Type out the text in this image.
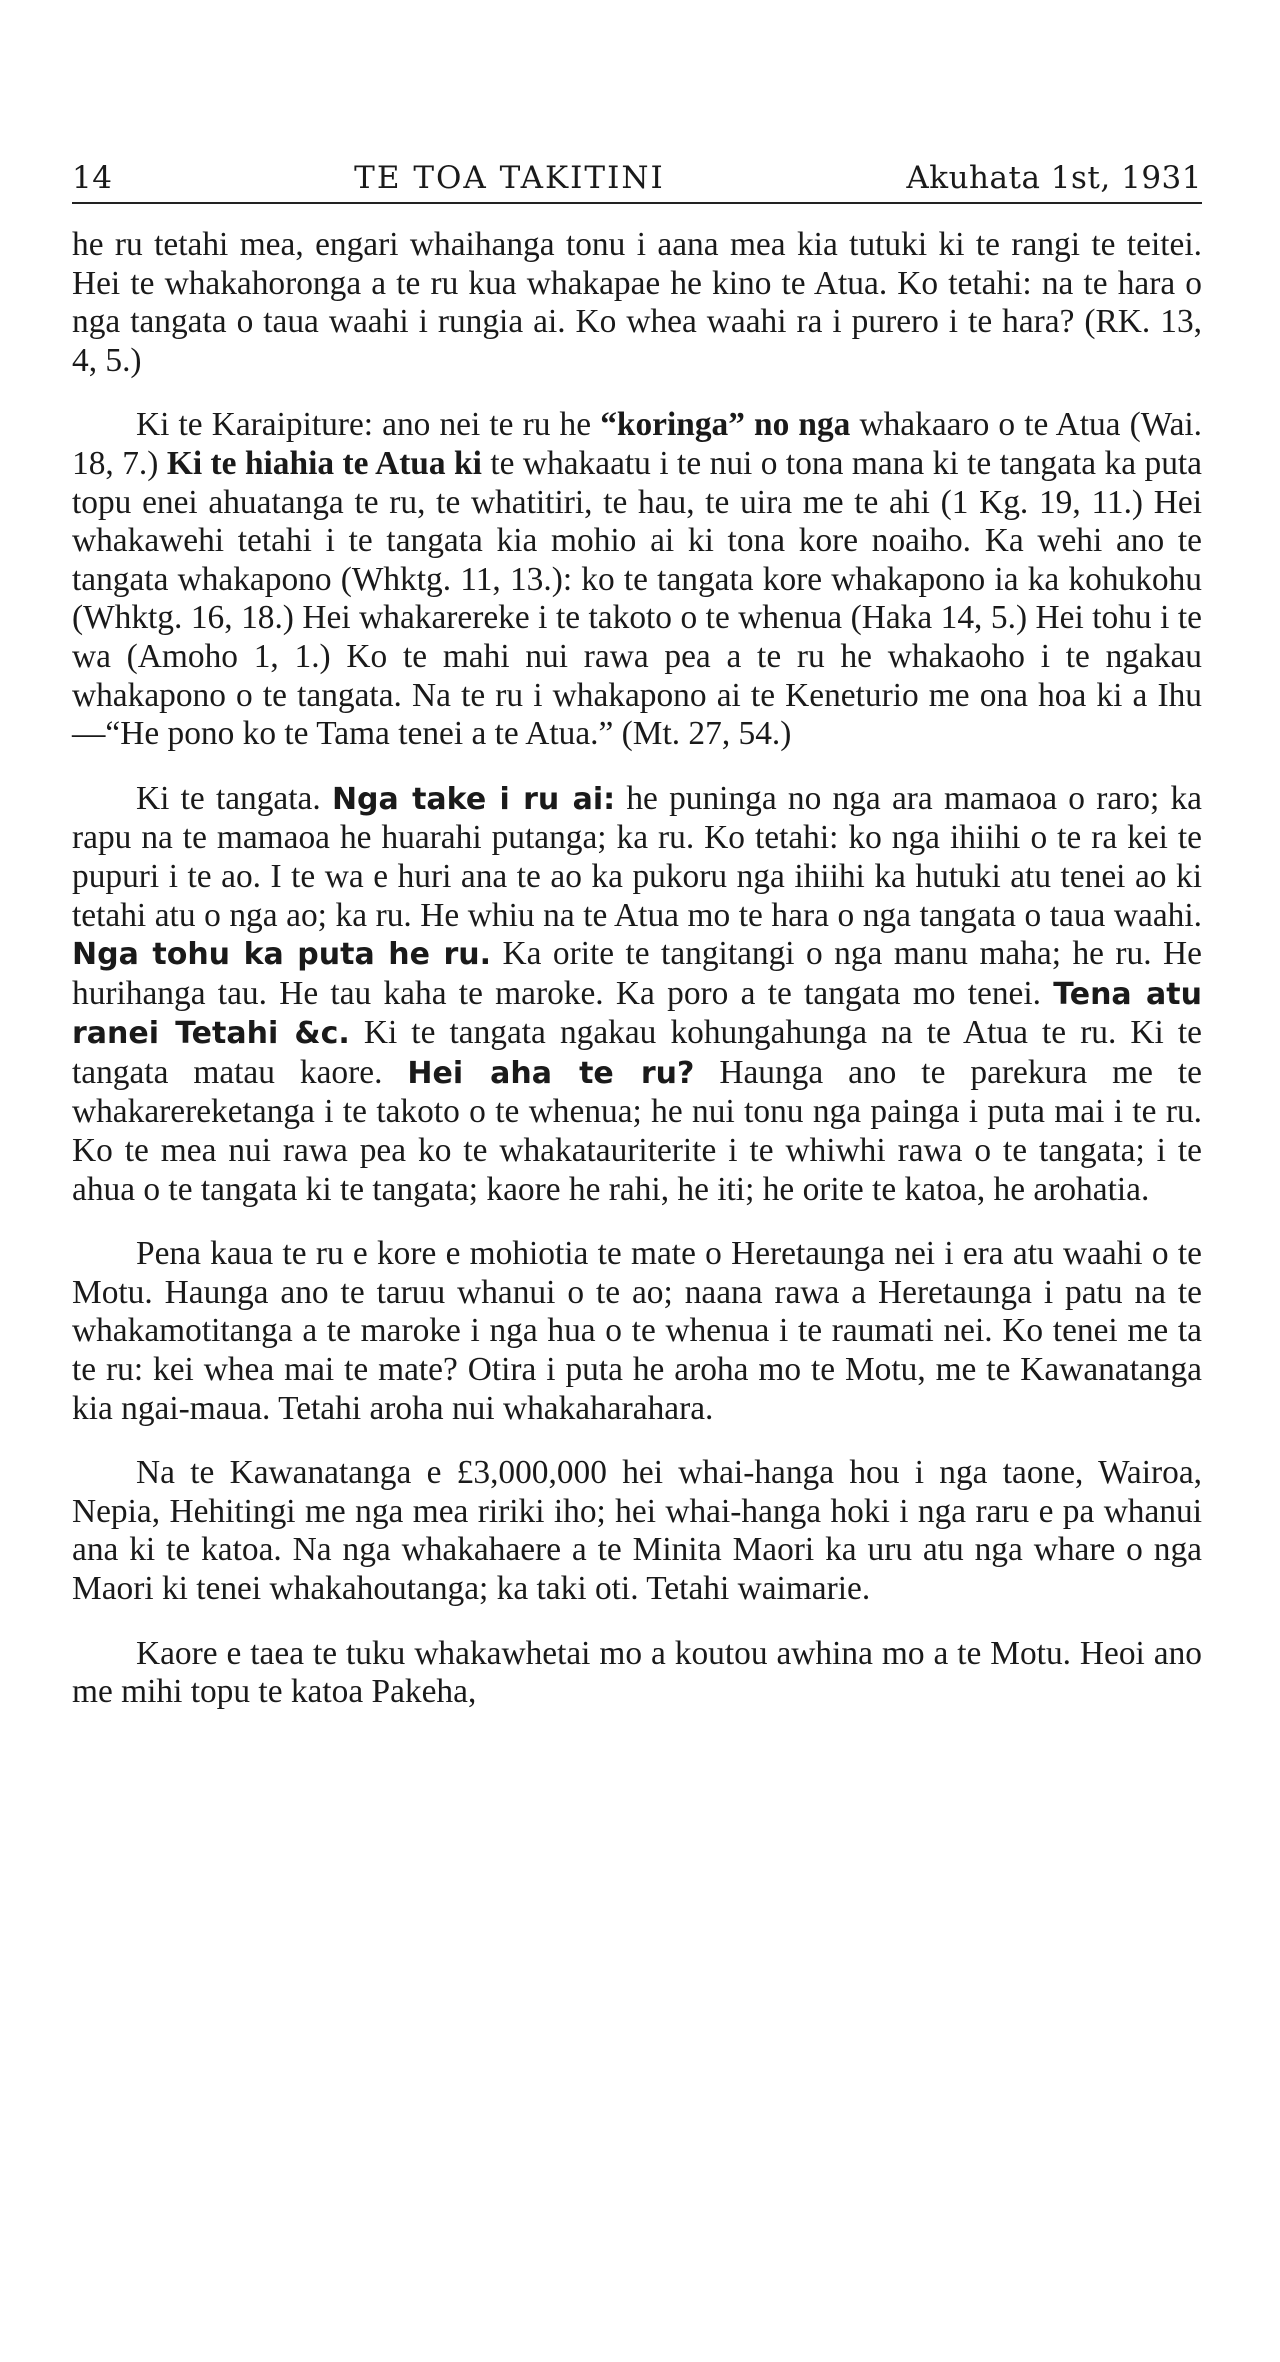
14	TE TOA TAKITINI	Akuhata 1st, 1931

he ru tetahi mea, engari whaihanga tonu i aana mea kia tutuki ki te rangi te teitei. Hei te whakahoronga a te ru kua whakapae he kino te Atua. Ko tetahi: na te hara o nga tangata o taua waahi i rungia ai. Ko whea waahi ra i purero i te hara? (RK. 13, 4, 5.)

Ki te Karaipiture: ano nei te ru he “koringa” no nga whakaaro o te Atua (Wai. 18, 7.) Ki te hiahia te Atua ki te whakaatu i te nui o tona mana ki te tangata ka puta topu enei ahuatanga te ru, te whatitiri, te hau, te uira me te ahi (1 Kg. 19, 11.) Hei whakawehi tetahi i te tangata kia mohio ai ki tona kore noaiho. Ka wehi ano te tangata whakapono (Whktg. 11, 13.): ko te tangata kore whakapono ia ka kohukohu (Whktg. 16, 18.) Hei whakarereke i te takoto o te whenua (Haka 14, 5.) Hei tohu i te wa (Amoho 1, 1.) Ko te mahi nui rawa pea a te ru he whakaoho i te ngakau whakapono o te tangata. Na te ru i whakapono ai te Keneturio me ona hoa ki a Ihu—“He pono ko te Tama tenei a te Atua.” (Mt. 27, 54.)

Ki te tangata. Nga take i ru ai: he puninga no nga ara mamaoa o raro; ka rapu na te mamaoa he huarahi putanga; ka ru. Ko tetahi: ko nga ihiihi o te ra kei te pupuri i te ao. I te wa e huri ana te ao ka pukoru nga ihiihi ka hutuki atu tenei ao ki tetahi atu o nga ao; ka ru. He whiu na te Atua mo te hara o nga tangata o taua waahi. Nga tohu ka puta he ru. Ka orite te tangitangi o nga manu maha; he ru. He hurihanga tau. He tau kaha te maroke. Ka poro a te tangata mo tenei. Tena atu ranei Tetahi &c. Ki te tangata ngakau kohungahunga na te Atua te ru. Ki te tangata matau kaore. Hei aha te ru? Haunga ano te parekura me te whakarereketanga i te takoto o te whenua; he nui tonu nga painga i puta mai i te ru. Ko te mea nui rawa pea ko te whakatauriterite i te whiwhi rawa o te tangata; i te ahua o te tangata ki te tangata; kaore he rahi, he iti; he orite te katoa, he arohatia.

Pena kaua te ru e kore e mohiotia te mate o Heretaunga nei i era atu waahi o te Motu. Haunga ano te taruu whanui o te ao; naana rawa a Heretaunga i patu na te whakamotitanga a te maroke i nga hua o te whenua i te raumati nei. Ko tenei me ta te ru: kei whea mai te mate? Otira i puta he aroha mo te Motu, me te Kawanatanga kia ngai-maua. Tetahi aroha nui whakaharahara.

Na te Kawanatanga e £3,000,000 hei whai-hanga hou i nga taone, Wairoa, Nepia, Hehitingi me nga mea ririki iho; hei whai-hanga hoki i nga raru e pa whanui ana ki te katoa. Na nga whakahaere a te Minita Maori ka uru atu nga whare o nga Maori ki tenei whakahoutanga; ka taki oti. Tetahi waimarie.

Kaore e taea te tuku whakawhetai mo a koutou awhina mo a te Motu. Heoi ano me mihi topu te katoa Pakeha,
